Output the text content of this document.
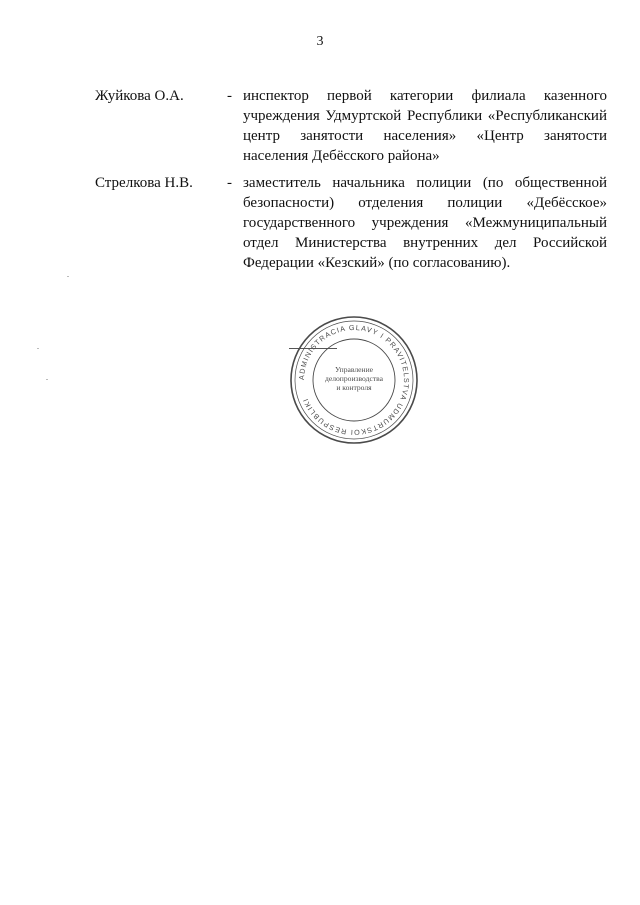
3
Жуйкова О.А.	- инспектор первой категории филиала казенного учреждения Удмуртской Республики «Республиканский центр занятости населения» «Центр занятости населения Дебёсского района»
Стрелкова Н.В. - заместитель начальника полиции (по общественной безопасности) отделения полиции «Дебёсское» государственного учреждения «Межмуниципальный отдел Министерства внутренних дел Российской Федерации «Кезский» (по согласованию).
ADMINISTRACIA GLAVY I PRAVITELSTVA UDMURTSKOI RESPUBLIKI
Управление
делопроизводства
и контроля
